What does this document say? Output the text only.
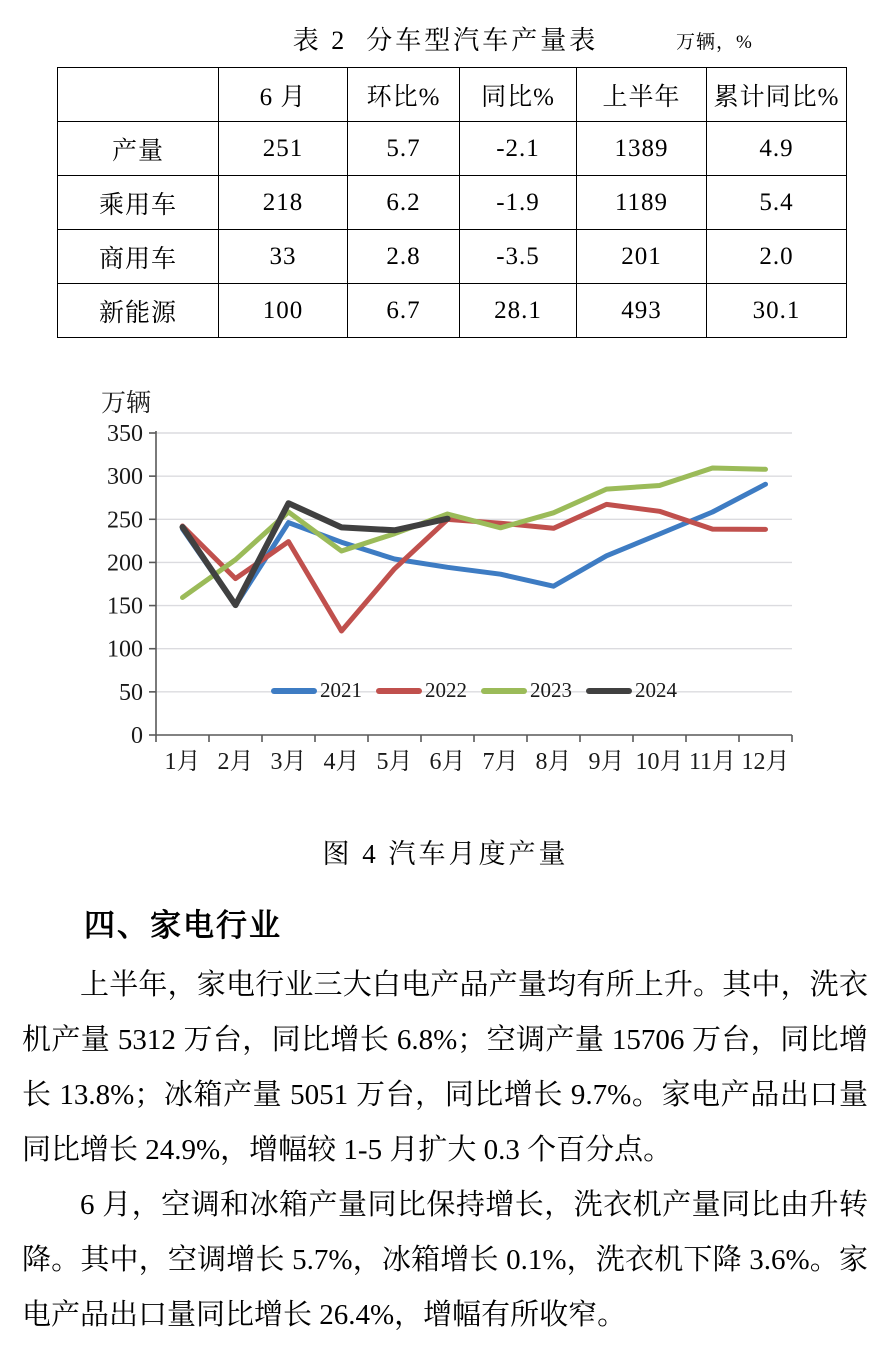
表 2  分车型汽车产量表	万辆，%
	6 月	环比%	同比%	上半年	累计同比%
产量	251	5.7	-2.1	1389	4.9
乘用车	218	6.2	-1.9	1189	5.4
商用车	33	2.8	-3.5	201	2.0
新能源	100	6.7	28.1	493	30.1
0
50
100
150
200
250
300
350
1月 2月 3月 4月 5月 6月 7月 8月 9月 10月 11月 12月
万辆
2021	2022	2023	2024
图 4 汽车月度产量
四、家电行业

上半年，家电行业三大白电产品产量均有所上升。其中，洗衣机产量 5312 万台，同比增长 6.8%；空调产量 15706 万台，同比增长 13.8%；冰箱产量 5051 万台，同比增长 9.7%。家电产品出口量同比增长 24.9%，增幅较 1-5 月扩大 0.3 个百分点。

6 月，空调和冰箱产量同比保持增长，洗衣机产量同比由升转降。其中，空调增长 5.7%，冰箱增长 0.1%，洗衣机下降 3.6%。家电产品出口量同比增长 26.4%，增幅有所收窄。
